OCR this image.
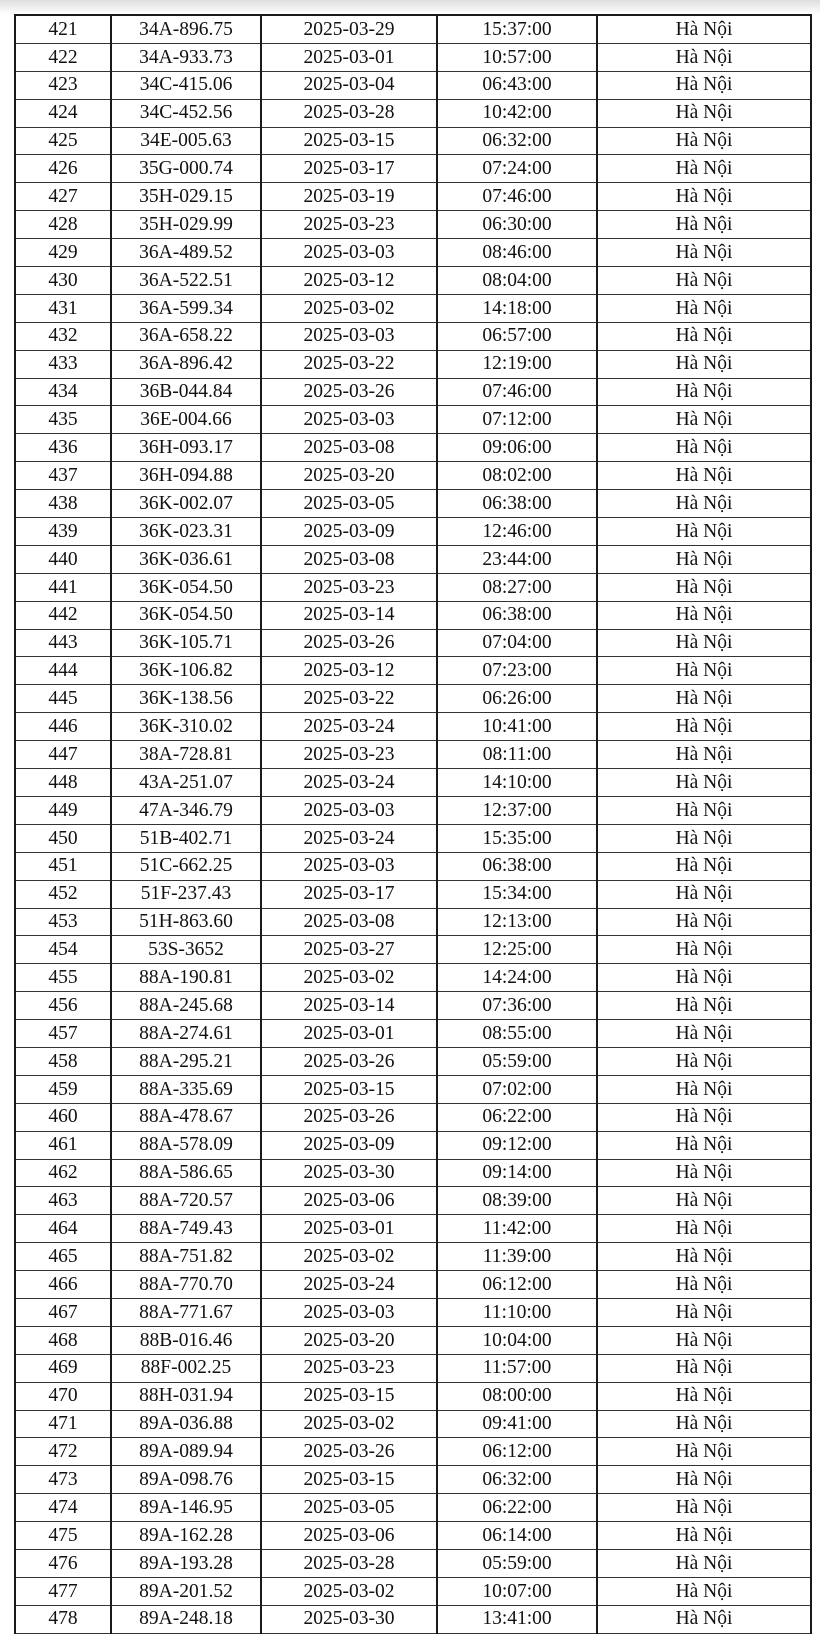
421	34A-896.75	2025-03-29	15:37:00	Hà Nội
422	34A-933.73	2025-03-01	10:57:00	Hà Nội
423	34C-415.06	2025-03-04	06:43:00	Hà Nội
424	34C-452.56	2025-03-28	10:42:00	Hà Nội
425	34E-005.63	2025-03-15	06:32:00	Hà Nội
426	35G-000.74	2025-03-17	07:24:00	Hà Nội
427	35H-029.15	2025-03-19	07:46:00	Hà Nội
428	35H-029.99	2025-03-23	06:30:00	Hà Nội
429	36A-489.52	2025-03-03	08:46:00	Hà Nội
430	36A-522.51	2025-03-12	08:04:00	Hà Nội
431	36A-599.34	2025-03-02	14:18:00	Hà Nội
432	36A-658.22	2025-03-03	06:57:00	Hà Nội
433	36A-896.42	2025-03-22	12:19:00	Hà Nội
434	36B-044.84	2025-03-26	07:46:00	Hà Nội
435	36E-004.66	2025-03-03	07:12:00	Hà Nội
436	36H-093.17	2025-03-08	09:06:00	Hà Nội
437	36H-094.88	2025-03-20	08:02:00	Hà Nội
438	36K-002.07	2025-03-05	06:38:00	Hà Nội
439	36K-023.31	2025-03-09	12:46:00	Hà Nội
440	36K-036.61	2025-03-08	23:44:00	Hà Nội
441	36K-054.50	2025-03-23	08:27:00	Hà Nội
442	36K-054.50	2025-03-14	06:38:00	Hà Nội
443	36K-105.71	2025-03-26	07:04:00	Hà Nội
444	36K-106.82	2025-03-12	07:23:00	Hà Nội
445	36K-138.56	2025-03-22	06:26:00	Hà Nội
446	36K-310.02	2025-03-24	10:41:00	Hà Nội
447	38A-728.81	2025-03-23	08:11:00	Hà Nội
448	43A-251.07	2025-03-24	14:10:00	Hà Nội
449	47A-346.79	2025-03-03	12:37:00	Hà Nội
450	51B-402.71	2025-03-24	15:35:00	Hà Nội
451	51C-662.25	2025-03-03	06:38:00	Hà Nội
452	51F-237.43	2025-03-17	15:34:00	Hà Nội
453	51H-863.60	2025-03-08	12:13:00	Hà Nội
454	53S-3652	2025-03-27	12:25:00	Hà Nội
455	88A-190.81	2025-03-02	14:24:00	Hà Nội
456	88A-245.68	2025-03-14	07:36:00	Hà Nội
457	88A-274.61	2025-03-01	08:55:00	Hà Nội
458	88A-295.21	2025-03-26	05:59:00	Hà Nội
459	88A-335.69	2025-03-15	07:02:00	Hà Nội
460	88A-478.67	2025-03-26	06:22:00	Hà Nội
461	88A-578.09	2025-03-09	09:12:00	Hà Nội
462	88A-586.65	2025-03-30	09:14:00	Hà Nội
463	88A-720.57	2025-03-06	08:39:00	Hà Nội
464	88A-749.43	2025-03-01	11:42:00	Hà Nội
465	88A-751.82	2025-03-02	11:39:00	Hà Nội
466	88A-770.70	2025-03-24	06:12:00	Hà Nội
467	88A-771.67	2025-03-03	11:10:00	Hà Nội
468	88B-016.46	2025-03-20	10:04:00	Hà Nội
469	88F-002.25	2025-03-23	11:57:00	Hà Nội
470	88H-031.94	2025-03-15	08:00:00	Hà Nội
471	89A-036.88	2025-03-02	09:41:00	Hà Nội
472	89A-089.94	2025-03-26	06:12:00	Hà Nội
473	89A-098.76	2025-03-15	06:32:00	Hà Nội
474	89A-146.95	2025-03-05	06:22:00	Hà Nội
475	89A-162.28	2025-03-06	06:14:00	Hà Nội
476	89A-193.28	2025-03-28	05:59:00	Hà Nội
477	89A-201.52	2025-03-02	10:07:00	Hà Nội
478	89A-248.18	2025-03-30	13:41:00	Hà Nội
